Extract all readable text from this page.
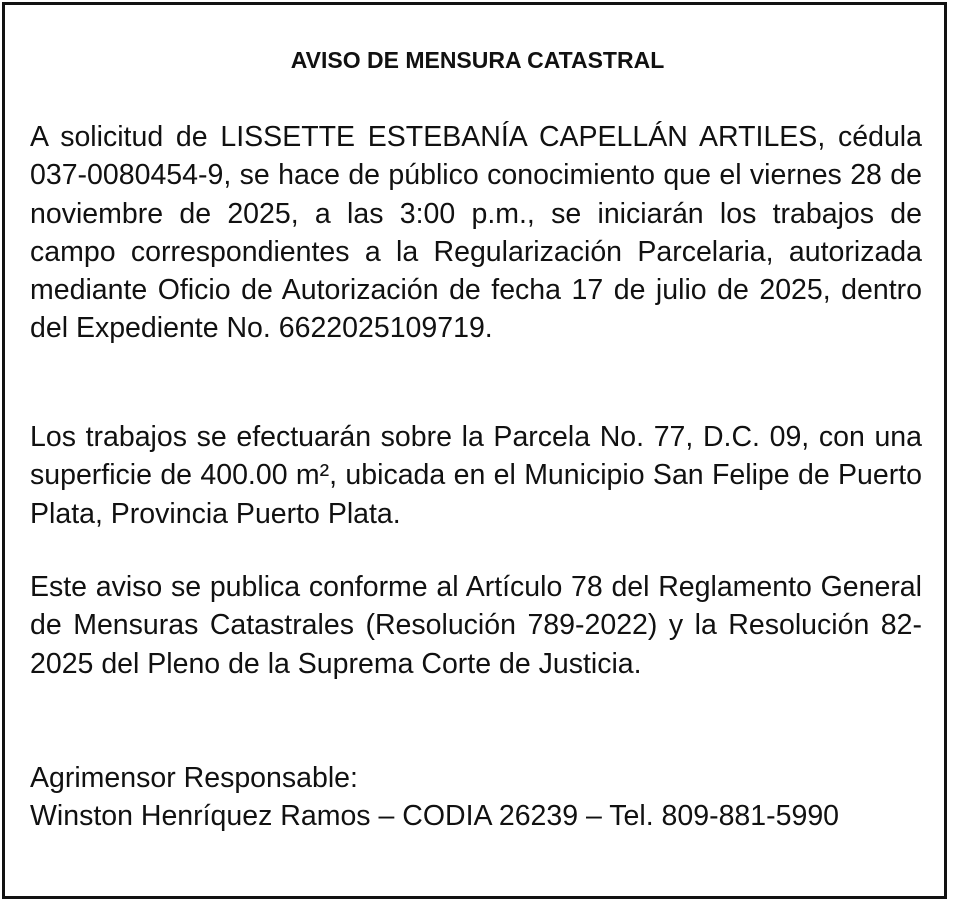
AVISO DE MENSURA CATASTRAL

A solicitud de LISSETTE ESTEBANÍA CAPELLÁN ARTILES, cédula 037-0080454-9, se hace de público conocimiento que el viernes 28 de noviembre de 2025, a las 3:00 p.m., se iniciarán los trabajos de campo correspondientes a la Regularización Parcelaria, autorizada mediante Oficio de Autorización de fecha 17 de julio de 2025, dentro del Expediente No. 6622025109719.

Los trabajos se efectuarán sobre la Parcela No. 77, D.C. 09, con una superficie de 400.00 m², ubicada en el Municipio San Felipe de Puerto Plata, Provincia Puerto Plata.

Este aviso se publica conforme al Artículo 78 del Reglamento General de Mensuras Catastrales (Resolución 789-2022) y la Resolución 82-2025 del Pleno de la Suprema Corte de Justicia.

Agrimensor Responsable:
Winston Henríquez Ramos – CODIA 26239 – Tel. 809-881-5990
